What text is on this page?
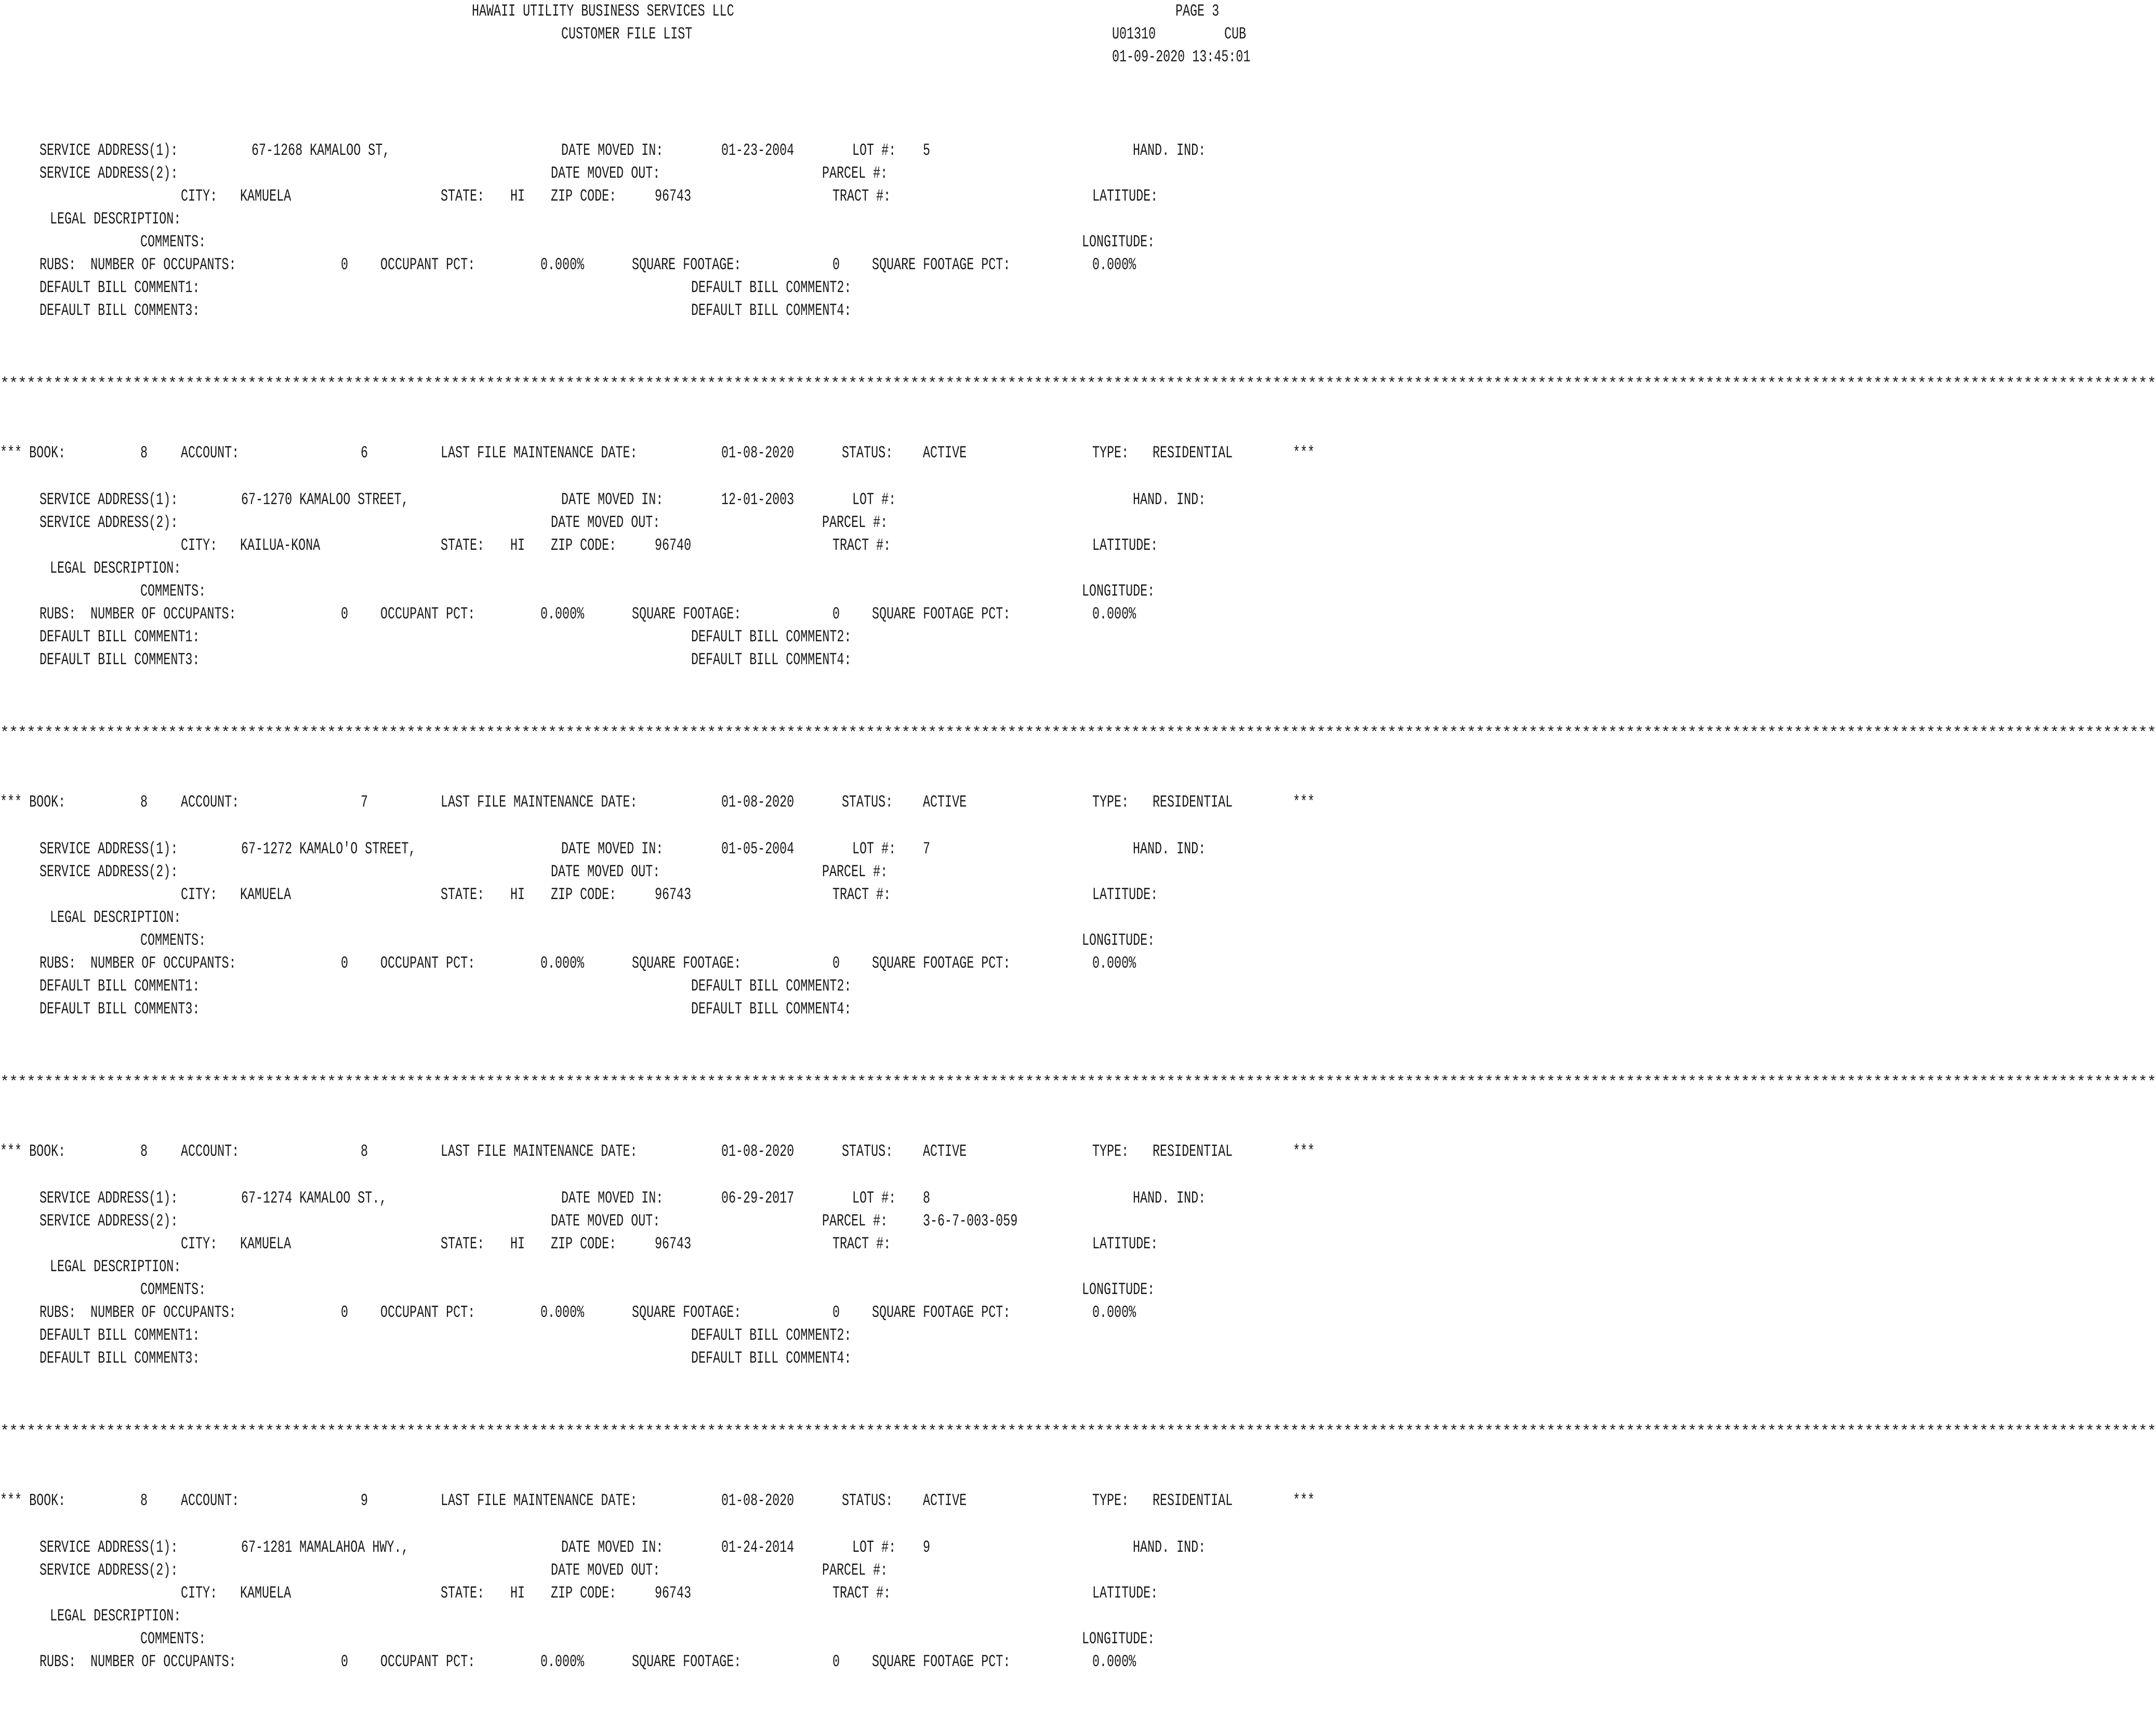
HAWAII UTILITY BUSINESS SERVICES LLC
CUSTOMER FILE LIST
PAGE 3
U01310	CUB
01-09-2020 13:45:01
SERVICE ADDRESS(1):	67-1268 KAMALOO ST,	DATE MOVED IN:	01-23-2004	LOT #: 5	HAND. IND:
SERVICE ADDRESS(2):	DATE MOVED OUT:	PARCEL #:
CITY: KAMUELA	STATE: HI ZIP CODE: 96743	TRACT #:	LATITUDE:
LEGAL DESCRIPTION:
COMMENTS:	LONGITUDE:
RUBS:  NUMBER OF OCCUPANTS:	0 OCCUPANT PCT:	0.000%	SQUARE FOOTAGE:	0 SQUARE FOOTAGE PCT:	0.000%
DEFAULT BILL COMMENT1:	DEFAULT BILL COMMENT2:
DEFAULT BILL COMMENT3:	DEFAULT BILL COMMENT4:
****************************************************************************************************************************************************************************************************************************************************
*** BOOK:	8 ACCOUNT:	6	LAST FILE MAINTENANCE DATE:	01-08-2020	STATUS: ACTIVE	TYPE: RESIDENTIAL	***
SERVICE ADDRESS(1):	67-1270 KAMALOO STREET,	DATE MOVED IN:	12-01-2003	LOT #:	HAND. IND:
SERVICE ADDRESS(2):	DATE MOVED OUT:	PARCEL #:
CITY: KAILUA-KONA	STATE: HI ZIP CODE: 96740	TRACT #:	LATITUDE:
LEGAL DESCRIPTION:
COMMENTS:	LONGITUDE:
RUBS:  NUMBER OF OCCUPANTS:	0 OCCUPANT PCT:	0.000%	SQUARE FOOTAGE:	0 SQUARE FOOTAGE PCT:	0.000%
DEFAULT BILL COMMENT1:	DEFAULT BILL COMMENT2:
DEFAULT BILL COMMENT3:	DEFAULT BILL COMMENT4:
****************************************************************************************************************************************************************************************************************************************************
*** BOOK:	8 ACCOUNT:	7	LAST FILE MAINTENANCE DATE:	01-08-2020	STATUS: ACTIVE	TYPE: RESIDENTIAL	***
SERVICE ADDRESS(1):	67-1272 KAMALO'O STREET,	DATE MOVED IN:	01-05-2004	LOT #: 7	HAND. IND:
SERVICE ADDRESS(2):	DATE MOVED OUT:	PARCEL #:
CITY: KAMUELA	STATE: HI ZIP CODE: 96743	TRACT #:	LATITUDE:
LEGAL DESCRIPTION:
COMMENTS:	LONGITUDE:
RUBS:  NUMBER OF OCCUPANTS:	0 OCCUPANT PCT:	0.000%	SQUARE FOOTAGE:	0 SQUARE FOOTAGE PCT:	0.000%
DEFAULT BILL COMMENT1:	DEFAULT BILL COMMENT2:
DEFAULT BILL COMMENT3:	DEFAULT BILL COMMENT4:
****************************************************************************************************************************************************************************************************************************************************
*** BOOK:	8 ACCOUNT:	8	LAST FILE MAINTENANCE DATE:	01-08-2020	STATUS: ACTIVE	TYPE: RESIDENTIAL	***
SERVICE ADDRESS(1):	67-1274 KAMALOO ST.,	DATE MOVED IN:	06-29-2017	LOT #: 8	HAND. IND:
SERVICE ADDRESS(2):	DATE MOVED OUT:	PARCEL #: 3-6-7-003-059
CITY: KAMUELA	STATE: HI ZIP CODE: 96743	TRACT #:	LATITUDE:
LEGAL DESCRIPTION:
COMMENTS:	LONGITUDE:
RUBS:  NUMBER OF OCCUPANTS:	0 OCCUPANT PCT:	0.000%	SQUARE FOOTAGE:	0 SQUARE FOOTAGE PCT:	0.000%
DEFAULT BILL COMMENT1:	DEFAULT BILL COMMENT2:
DEFAULT BILL COMMENT3:	DEFAULT BILL COMMENT4:
****************************************************************************************************************************************************************************************************************************************************
*** BOOK:	8 ACCOUNT:	9	LAST FILE MAINTENANCE DATE:	01-08-2020	STATUS: ACTIVE	TYPE: RESIDENTIAL	***
SERVICE ADDRESS(1):	67-1281 MAMALAHOA HWY.,	DATE MOVED IN:	01-24-2014	LOT #: 9	HAND. IND:
SERVICE ADDRESS(2):	DATE MOVED OUT:	PARCEL #:
CITY: KAMUELA	STATE: HI ZIP CODE: 96743	TRACT #:	LATITUDE:
LEGAL DESCRIPTION:
COMMENTS:	LONGITUDE:
RUBS:  NUMBER OF OCCUPANTS:	0 OCCUPANT PCT:	0.000%	SQUARE FOOTAGE:	0 SQUARE FOOTAGE PCT:	0.000%
